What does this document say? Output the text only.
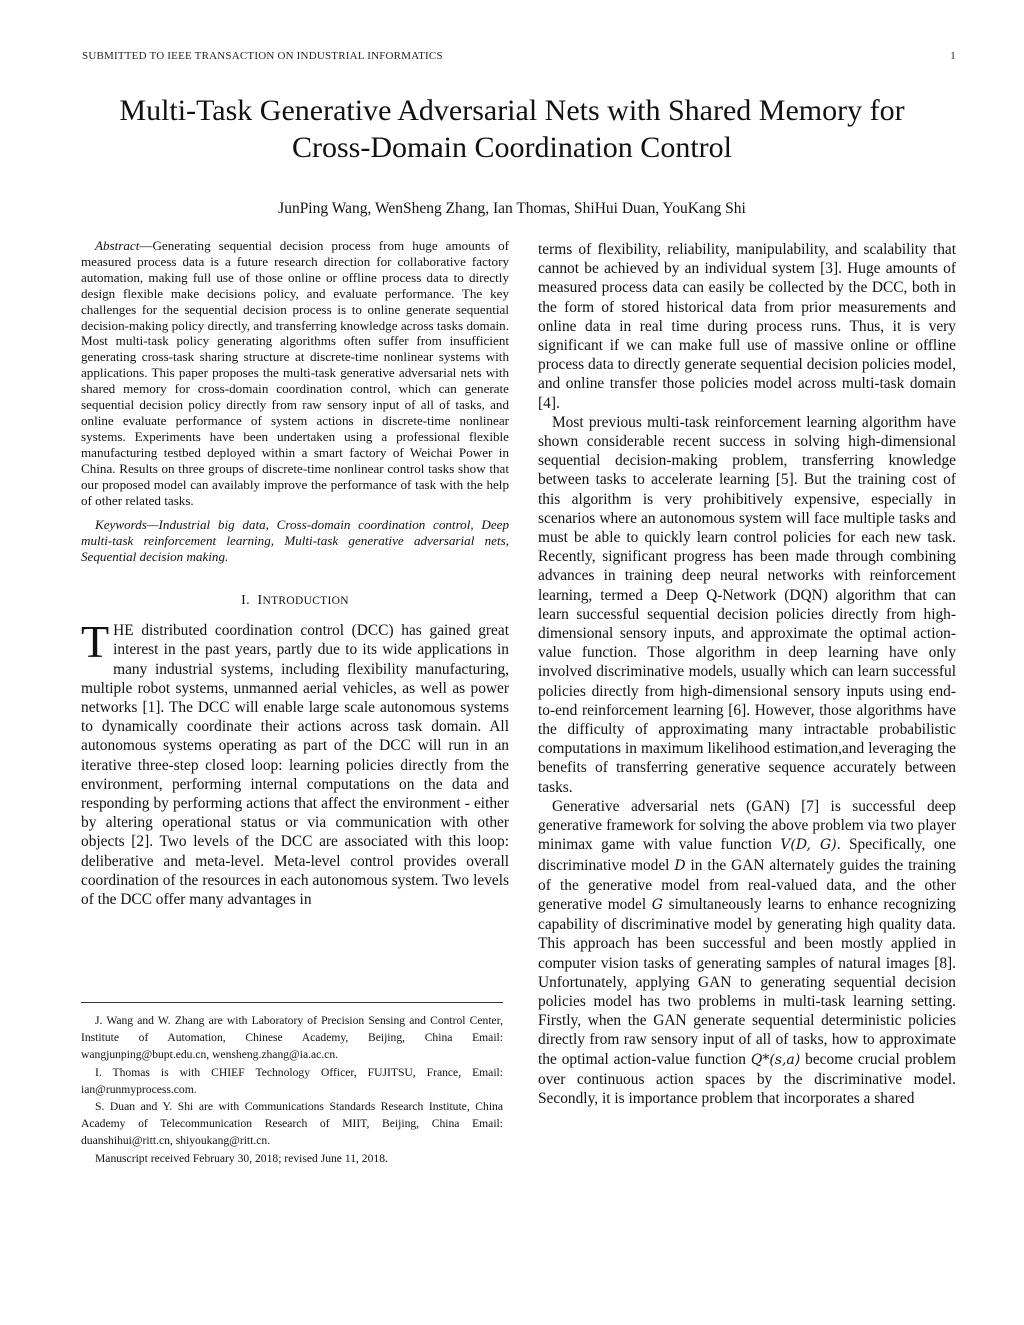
SUBMITTED TO IEEE TRANSACTION ON INDUSTRIAL INFORMATICS	1
Multi-Task Generative Adversarial Nets with Shared Memory for
Cross-Domain Coordination Control
JunPing Wang, WenSheng Zhang, Ian Thomas, ShiHui Duan, YouKang Shi

Abstract—Generating sequential decision process from huge amounts of measured process data is a future research direction for collaborative factory automation, making full use of those online or offline process data to directly design flexible make decisions policy, and evaluate performance. The key challenges for the sequential decision process is to online generate sequential decision-making policy directly, and transferring knowledge across tasks domain. Most multi-task policy generating algorithms often suffer from insufficient generating cross-task sharing structure at discrete-time nonlinear systems with applications. This paper proposes the multi-task generative adversarial nets with shared memory for cross-domain coordination control, which can generate sequential decision policy directly from raw sensory input of all of tasks, and online evaluate performance of system actions in discrete-time nonlinear systems. Experiments have been undertaken using a professional flexible manufacturing testbed deployed within a smart factory of Weichai Power in China. Results on three groups of discrete-time nonlinear control tasks show that our proposed model can availably improve the performance of task with the help of other related tasks.

Keywords—Industrial big data, Cross-domain coordination control, Deep multi-task reinforcement learning, Multi-task generative adversarial nets, Sequential decision making.

I. INTRODUCTION

THE distributed coordination control (DCC) has gained great interest in the past years, partly due to its wide applications in many industrial systems, including flexibility manufacturing, multiple robot systems, unmanned aerial vehicles, as well as power networks [1]. The DCC will enable large scale autonomous systems to dynamically coordinate their actions across task domain. All autonomous systems operating as part of the DCC will run in an iterative three-step closed loop: learning policies directly from the environment, performing internal computations on the data and responding by performing actions that affect the environment - either by altering operational status or via communication with other objects [2]. Two levels of the DCC are associated with this loop: deliberative and meta-level. Meta-level control provides overall coordination of the resources in each autonomous system. Two levels of the DCC offer many advantages in

J. Wang and W. Zhang are with Laboratory of Precision Sensing and Control Center, Institute of Automation, Chinese Academy, Beijing, China Email: wangjunping@bupt.edu.cn, wensheng.zhang@ia.ac.cn.

I. Thomas is with CHIEF Technology Officer, FUJITSU, France, Email: ian@runmyprocess.com.

S. Duan and Y. Shi are with Communications Standards Research Institute, China Academy of Telecommunication Research of MIIT, Beijing, China Email: duanshihui@ritt.cn, shiyoukang@ritt.cn.

Manuscript received February 30, 2018; revised June 11, 2018.

terms of flexibility, reliability, manipulability, and scalability that cannot be achieved by an individual system [3]. Huge amounts of measured process data can easily be collected by the DCC, both in the form of stored historical data from prior measurements and online data in real time during process runs. Thus, it is very significant if we can make full use of massive online or offline process data to directly generate sequential decision policies model, and online transfer those policies model across multi-task domain [4].

Most previous multi-task reinforcement learning algorithm have shown considerable recent success in solving high-dimensional sequential decision-making problem, transferring knowledge between tasks to accelerate learning [5]. But the training cost of this algorithm is very prohibitively expensive, especially in scenarios where an autonomous system will face multiple tasks and must be able to quickly learn control policies for each new task. Recently, significant progress has been made through combining advances in training deep neural networks with reinforcement learning, termed a Deep Q-Network (DQN) algorithm that can learn successful sequential decision policies directly from high-dimensional sensory inputs, and approximate the optimal action-value function. Those algorithm in deep learning have only involved discriminative models, usually which can learn successful policies directly from high-dimensional sensory inputs using end-to-end reinforcement learning [6]. However, those algorithms have the difficulty of approximating many intractable probabilistic computations in maximum likelihood estimation,and leveraging the benefits of transferring generative sequence accurately between tasks.

Generative adversarial nets (GAN) [7] is successful deep generative framework for solving the above problem via two player minimax game with value function V(D, G). Specifically, one discriminative model D in the GAN alternately guides the training of the generative model from real-valued data, and the other generative model G simultaneously learns to enhance recognizing capability of discriminative model by generating high quality data. This approach has been successful and been mostly applied in computer vision tasks of generating samples of natural images [8]. Unfortunately, applying GAN to generating sequential decision policies model has two problems in multi-task learning setting. Firstly, when the GAN generate sequential deterministic policies directly from raw sensory input of all of tasks, how to approximate the optimal action-value function Q*(s,a) become crucial problem over continuous action spaces by the discriminative model. Secondly, it is importance problem that incorporates a shared
